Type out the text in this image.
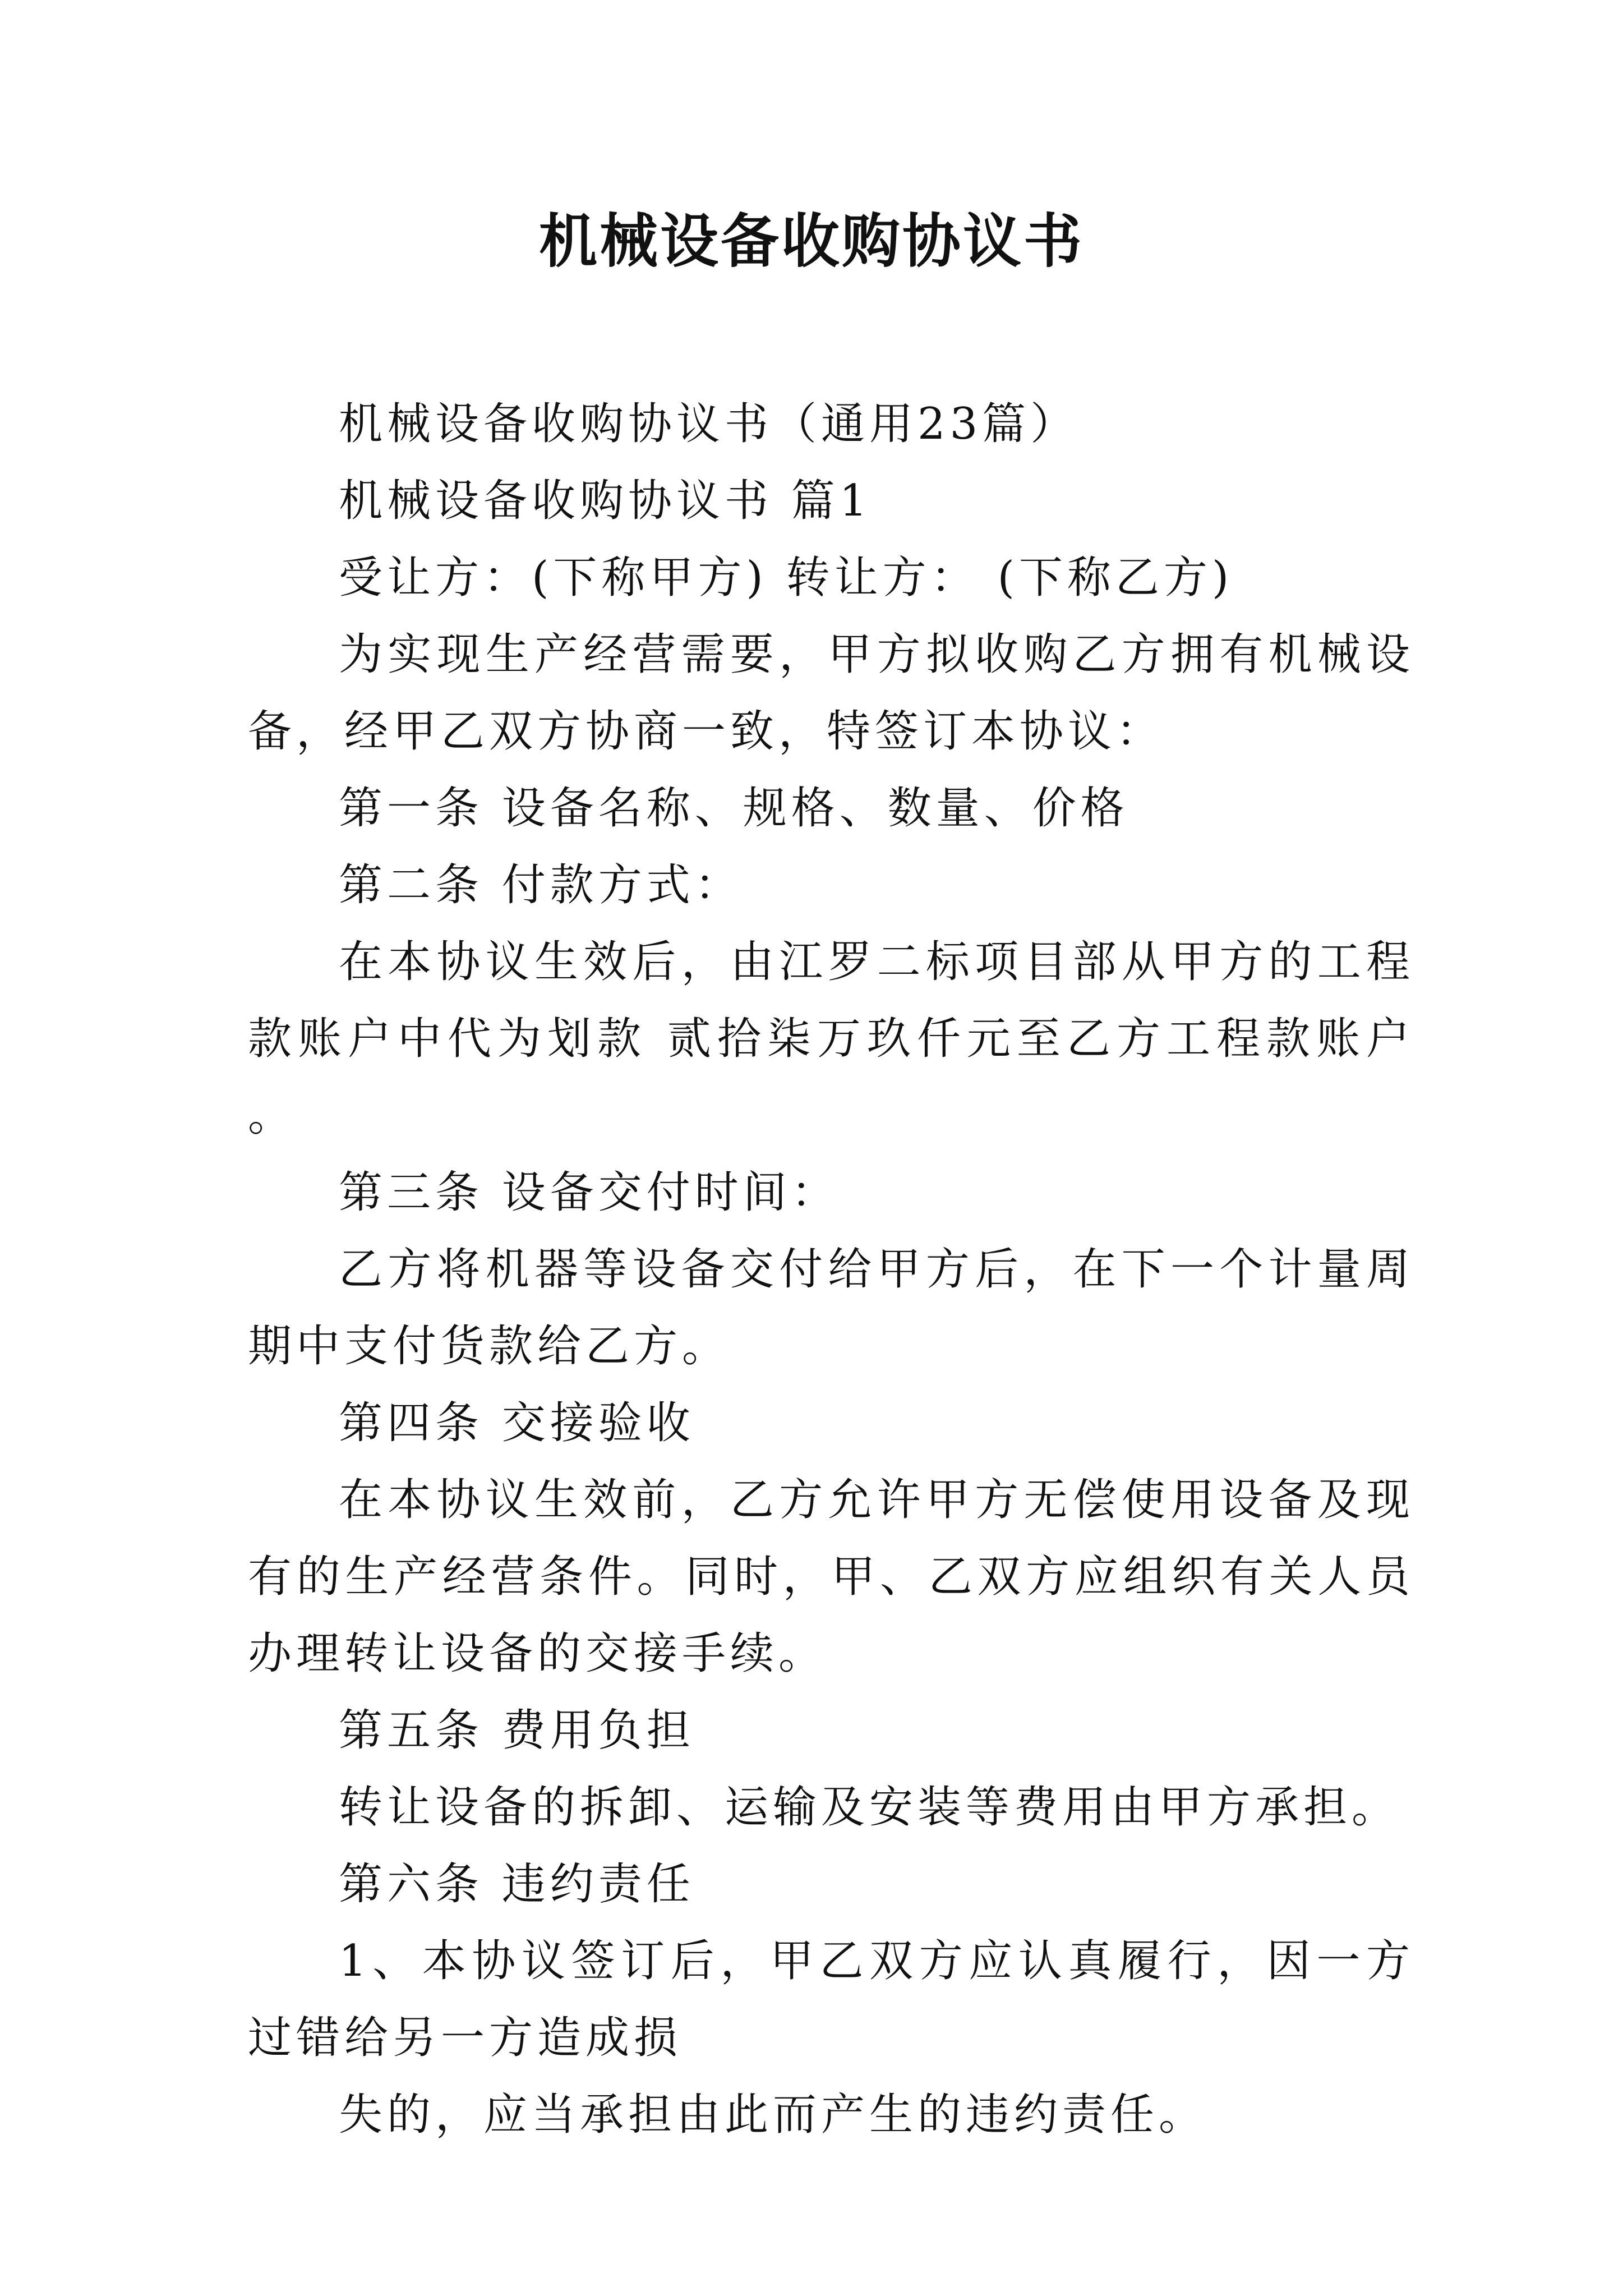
机械设备收购协议书

机械设备收购协议书（通用23篇）

机械设备收购协议书 篇1

受让方：(下称甲方) 转让方： (下称乙方)

为实现生产经营需要，甲方拟收购乙方拥有机械设备，经甲乙双方协商一致，特签订本协议：

第一条 设备名称、规格、数量、价格

第二条 付款方式：

在本协议生效后，由江罗二标项目部从甲方的工程款账户中代为划款 贰拾柒万玖仟元至乙方工程款账户。

第三条 设备交付时间：

乙方将机器等设备交付给甲方后，在下一个计量周期中支付货款给乙方。

第四条 交接验收

在本协议生效前，乙方允许甲方无偿使用设备及现有的生产经营条件。同时，甲、乙双方应组织有关人员办理转让设备的交接手续。

第五条 费用负担

转让设备的拆卸、运输及安装等费用由甲方承担。

第六条 违约责任

1、本协议签订后，甲乙双方应认真履行，因一方过错给另一方造成损

失的，应当承担由此而产生的违约责任。
